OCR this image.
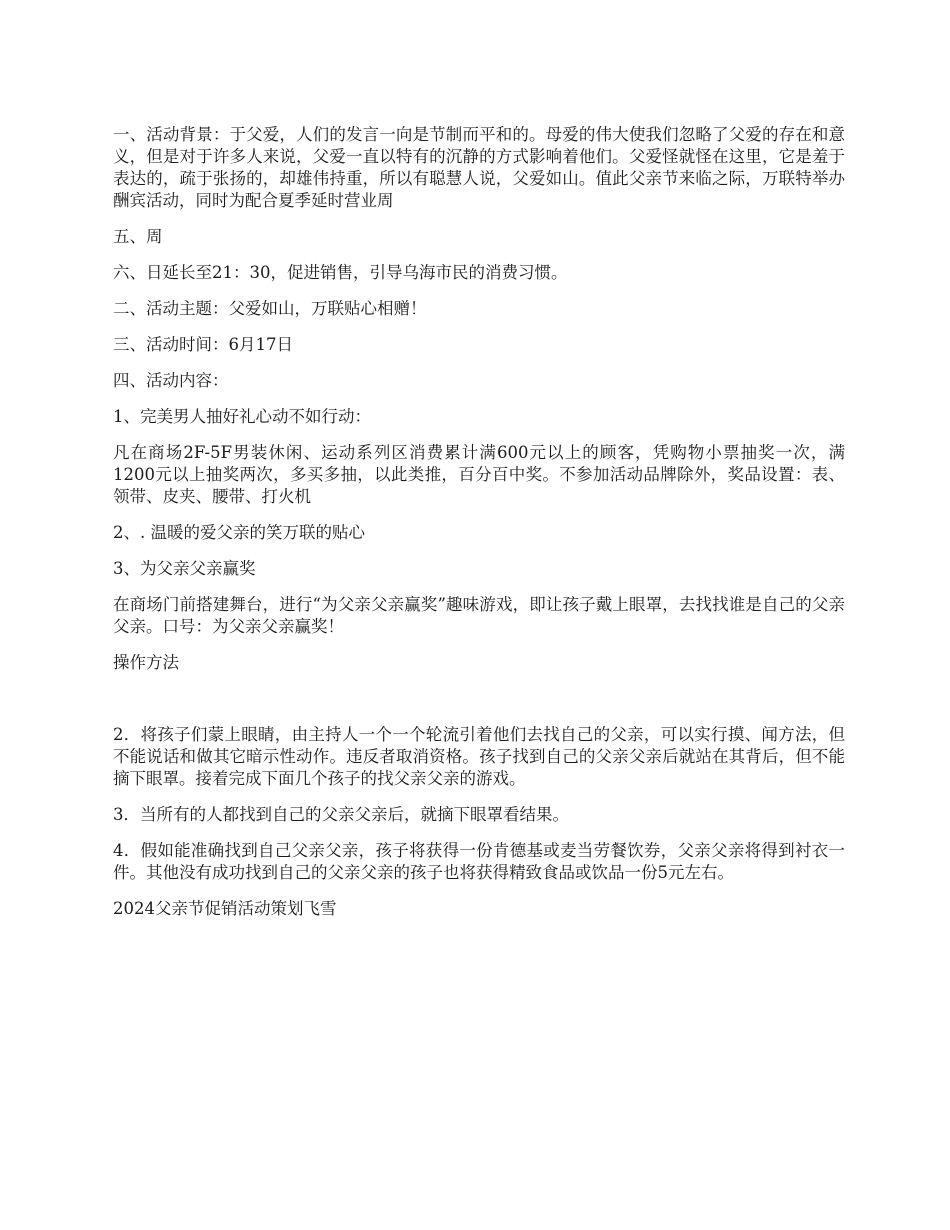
一、活动背景：于父爱，人们的发言一向是节制而平和的。母爱的伟大使我们忽略了父爱的存在和意义，但是对于许多人来说，父爱一直以特有的沉静的方式影响着他们。父爱怪就怪在这里，它是羞于表达的，疏于张扬的，却雄伟持重，所以有聪慧人说，父爱如山。值此父亲节来临之际，万联特举办酬宾活动，同时为配合夏季延时营业周

五、周

六、日延长至21：30，促进销售，引导乌海市民的消费习惯。

二、活动主题：父爱如山，万联贴心相赠！

三、活动时间：6月17日

四、活动内容：

1、完美男人抽好礼心动不如行动：

凡在商场2F-5F男装休闲、运动系列区消费累计满600元以上的顾客，凭购物小票抽奖一次，满1200元以上抽奖两次，多买多抽，以此类推，百分百中奖。不参加活动品牌除外，奖品设置：表、领带、皮夹、腰带、打火机

2、. 温暖的爱父亲的笑万联的贴心

3、为父亲父亲赢奖

在商场门前搭建舞台，进行“为父亲父亲赢奖”趣味游戏，即让孩子戴上眼罩，去找找谁是自己的父亲父亲。口号：为父亲父亲赢奖！

操作方法

2．将孩子们蒙上眼睛，由主持人一个一个轮流引着他们去找自己的父亲，可以实行摸、闻方法，但不能说话和做其它暗示性动作。违反者取消资格。孩子找到自己的父亲父亲后就站在其背后，但不能摘下眼罩。接着完成下面几个孩子的找父亲父亲的游戏。

3．当所有的人都找到自己的父亲父亲后，就摘下眼罩看结果。

4．假如能准确找到自己父亲父亲，孩子将获得一份肯德基或麦当劳餐饮券，父亲父亲将得到衬衣一件。其他没有成功找到自己的父亲父亲的孩子也将获得精致食品或饮品一份5元左右。

2024父亲节促销活动策划飞雪
